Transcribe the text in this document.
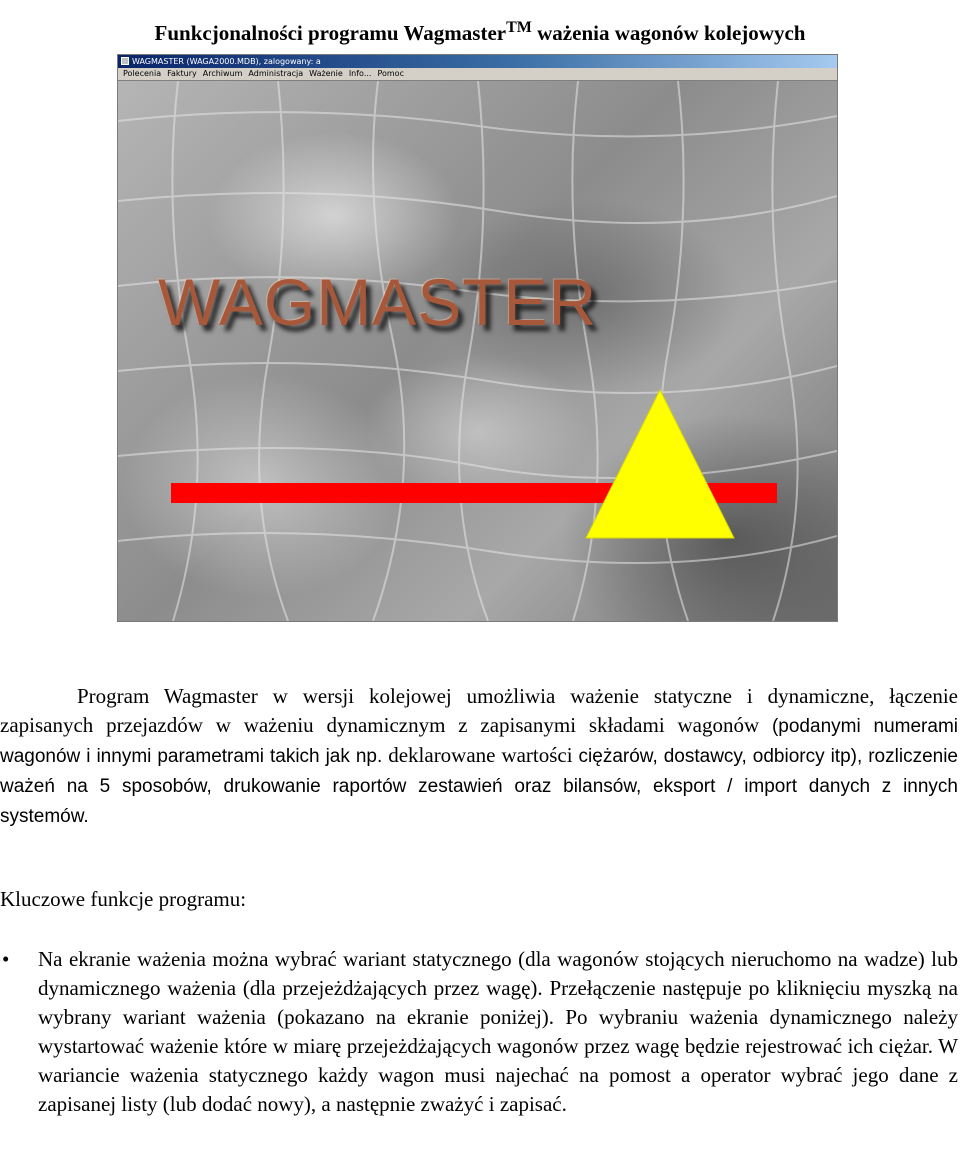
Funkcjonalności programu Wagmaster™ ważenia wagonów kolejowych
WAGMASTER (WAGA2000.MDB), zalogowany: a
Polecenia Faktury Archiwum Administracja Ważenie Info... Pomoc
WAGMASTER

Program Wagmaster w wersji kolejowej umożliwia ważenie statyczne i dynamiczne, łączenie zapisanych przejazdów w ważeniu dynamicznym z zapisanymi składami wagonów (podanymi numerami wagonów i innymi parametrami takich jak np. deklarowane wartości ciężarów, dostawcy, odbiorcy itp), rozliczenie ważeń na 5 sposobów, drukowanie raportów zestawień oraz bilansów, eksport / import danych z innych systemów.

Kluczowe funkcje programu:
• Na ekranie ważenia można wybrać wariant statycznego (dla wagonów stojących nieruchomo na wadze) lub dynamicznego ważenia (dla przejeżdżających przez wagę). Przełączenie następuje po kliknięciu myszką na wybrany wariant ważenia (pokazano na ekranie poniżej). Po wybraniu ważenia dynamicznego należy wystartować ważenie które w miarę przejeżdżających wagonów przez wagę będzie rejestrować ich ciężar. W wariancie ważenia statycznego każdy wagon musi najechać na pomost a operator wybrać jego dane z zapisanej listy (lub dodać nowy), a następnie zważyć i zapisać.
